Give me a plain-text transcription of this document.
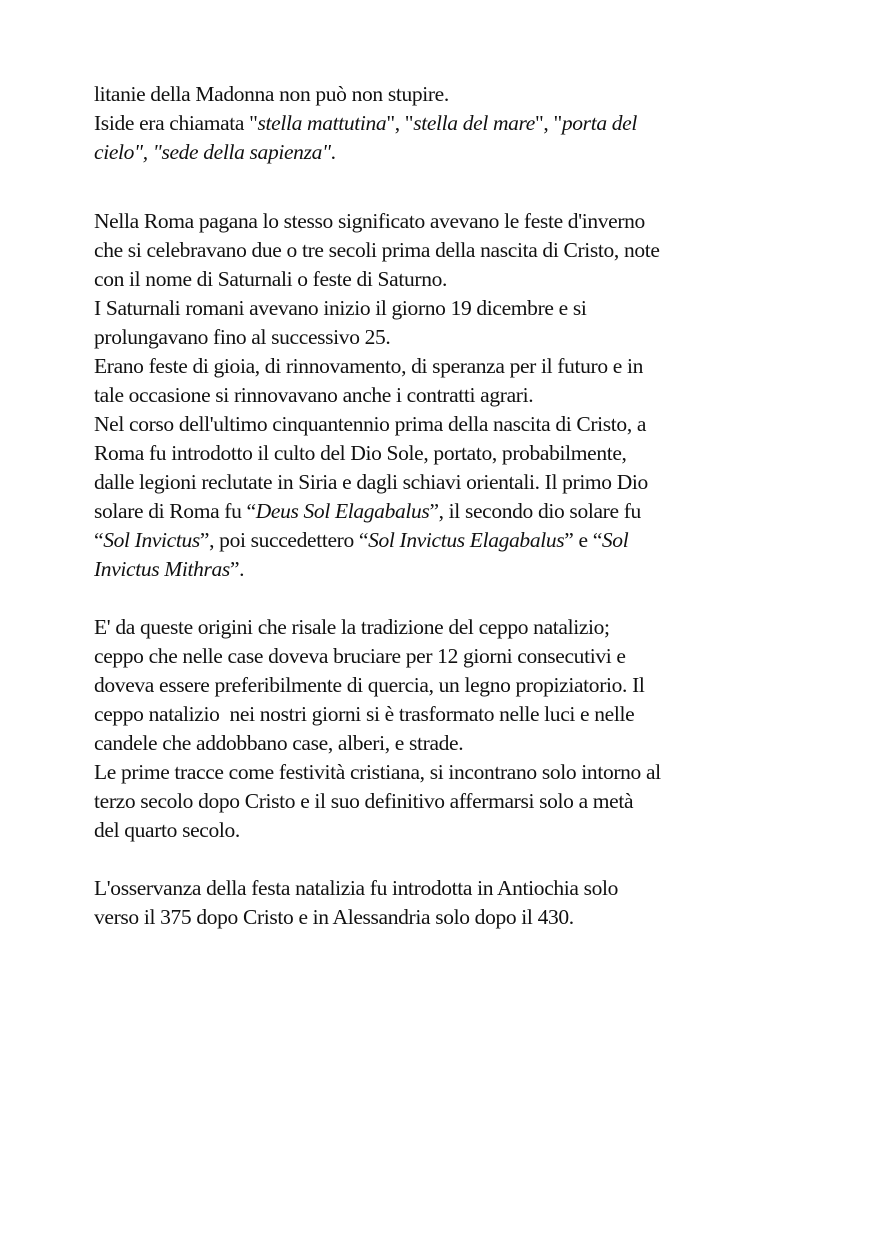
litanie della Madonna non può non stupire.
Iside era chiamata "stella mattutina", "stella del mare", "porta del
cielo", "sede della sapienza".
Nella Roma pagana lo stesso significato avevano le feste d'inverno
che si celebravano due o tre secoli prima della nascita di Cristo, note
con il nome di Saturnali o feste di Saturno.
I Saturnali romani avevano inizio il giorno 19 dicembre e si
prolungavano fino al successivo 25.
Erano feste di gioia, di rinnovamento, di speranza per il futuro e in
tale occasione si rinnovavano anche i contratti agrari.
Nel corso dell'ultimo cinquantennio prima della nascita di Cristo, a
Roma fu introdotto il culto del Dio Sole, portato, probabilmente,
dalle legioni reclutate in Siria e dagli schiavi orientali. Il primo Dio
solare di Roma fu “Deus Sol Elagabalus”, il secondo dio solare fu
“Sol Invictus”, poi succedettero “Sol Invictus Elagabalus” e “Sol
Invictus Mithras”.
E' da queste origini che risale la tradizione del ceppo natalizio;
ceppo che nelle case doveva bruciare per 12 giorni consecutivi e
doveva essere preferibilmente di quercia, un legno propiziatorio. Il
ceppo natalizio  nei nostri giorni si è trasformato nelle luci e nelle
candele che addobbano case, alberi, e strade.
Le prime tracce come festività cristiana, si incontrano solo intorno al
terzo secolo dopo Cristo e il suo definitivo affermarsi solo a metà
del quarto secolo.
L'osservanza della festa natalizia fu introdotta in Antiochia solo
verso il 375 dopo Cristo e in Alessandria solo dopo il 430.
